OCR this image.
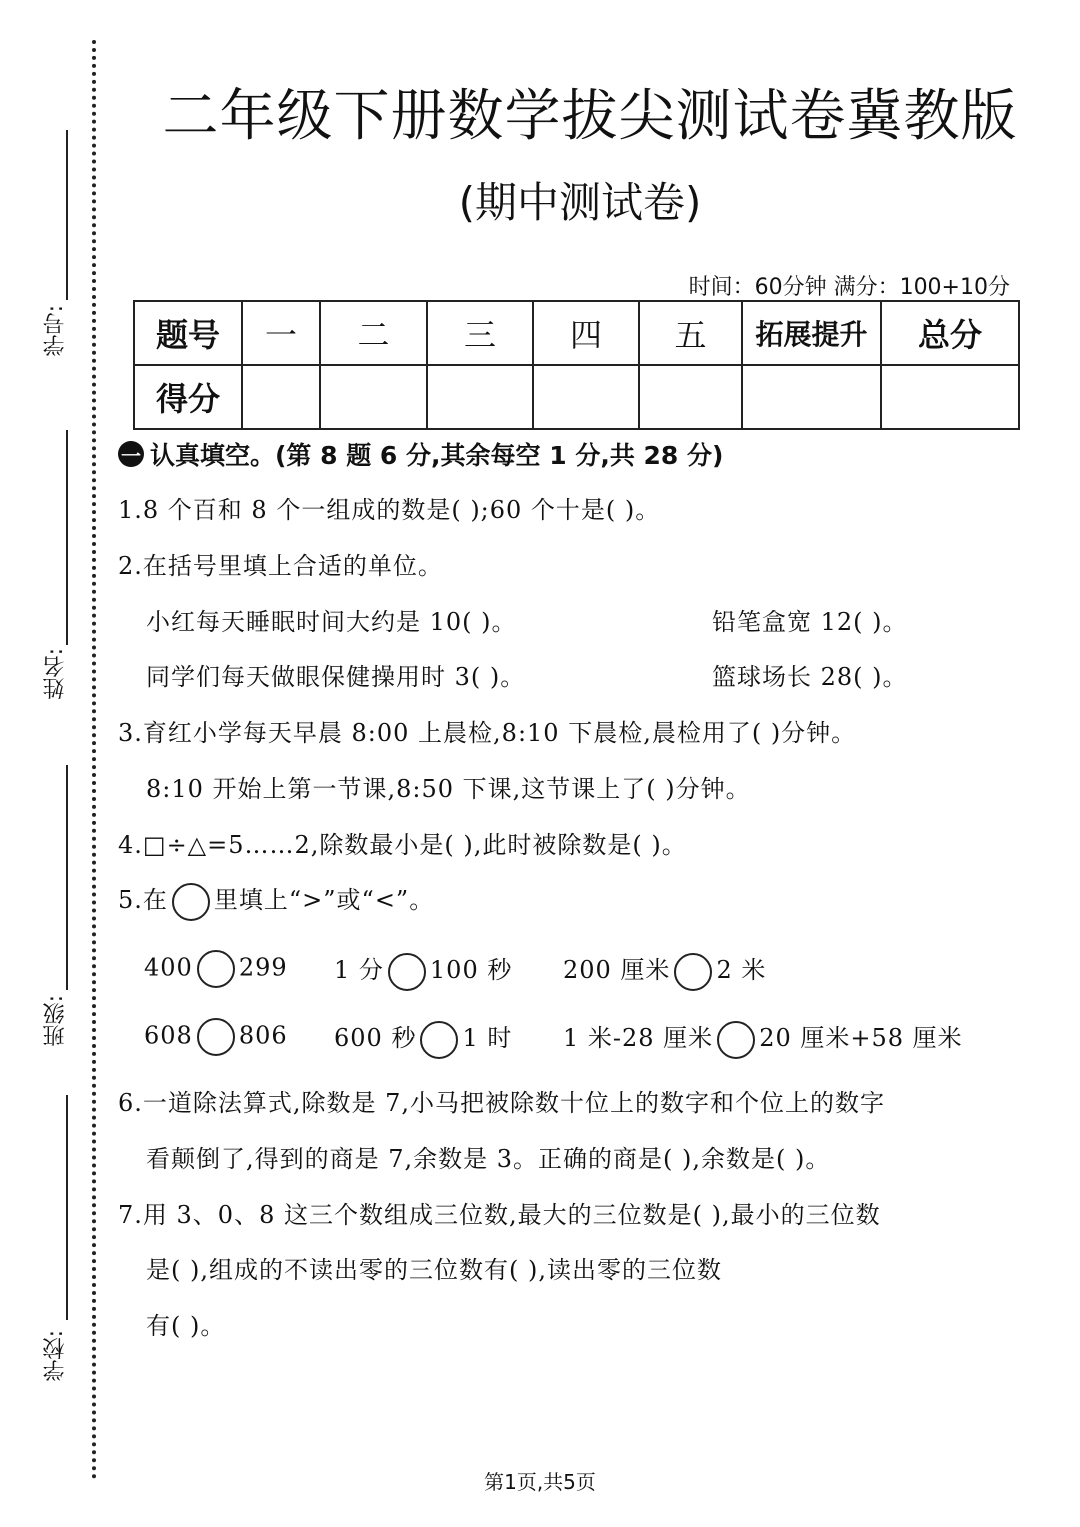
学号:
姓名:
班级:
学校:
二年级下册数学拔尖测试卷冀教版
(期中测试卷)
时间：60分钟 满分：100+10分
题号	一	二	三	四	五	拓展提升	总分
得分							
一 认真填空。(第 8 题 6 分,其余每空 1 分,共 28 分)
1.8 个百和 8 个一组成的数是( );60 个十是( )。
2.在括号里填上合适的单位。
小红每天睡眠时间大约是 10( )。	铅笔盒宽 12( )。
同学们每天做眼保健操用时 3( )。	篮球场长 28( )。
3.育红小学每天早晨 8:00 上晨检,8:10 下晨检,晨检用了( )分钟。
8:10 开始上第一节课,8:50 下课,这节课上了( )分钟。
4.□÷△=5……2,除数最小是( ),此时被除数是( )。
5.在 里填上“>”或“<”。
400 299 1 分 100 秒 200 厘米 2 米
608 806 600 秒 1 时 1 米-28 厘米 20 厘米+58 厘米
6.一道除法算式,除数是 7,小马把被除数十位上的数字和个位上的数字
看颠倒了,得到的商是 7,余数是 3。正确的商是( ),余数是( )。
7.用 3、0、8 这三个数组成三位数,最大的三位数是( ),最小的三位数
是( ),组成的不读出零的三位数有( ),读出零的三位数
有( )。
第1页,共5页
